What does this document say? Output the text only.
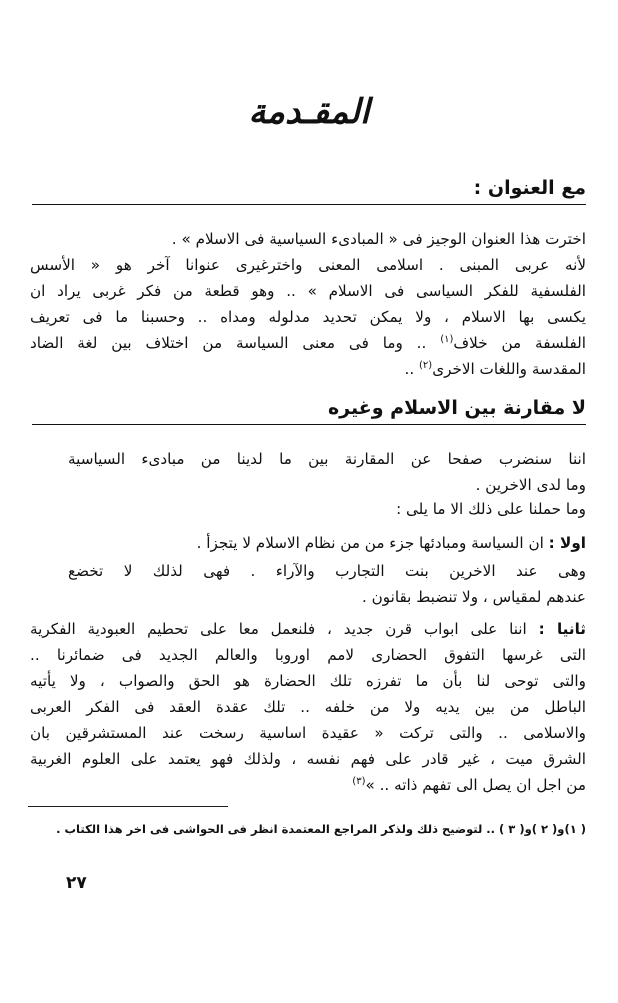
المقـدمة
مع العنوان :
اخترت هذا العنوان الوجيز فى « المبادىء السياسية فى الاسلام » .
لأنه عربى المبنى . اسلامى المعنى واخترغيرى عنوانا آخر هو « الأسس
الفلسفية للفكر السياسى فى الاسلام » .. وهو قطعة من فكر غربى يراد ان
يكسى بها الاسلام ، ولا يمكن تحديد مدلوله ومداه .. وحسبنا ما فى تعريف
الفلسفة من خلاف$^{(١)}$ .. وما فى معنى السياسة من اختلاف بين لغة الضاد
المقدسة واللغات الاخرى$^{(٢)}$ ..
لا مقارنة بين الاسلام وغيره
اننا سنضرب صفحا عن المقارنة بين ما لدينا من مبادىء السياسية
وما لدى الاخرين .
وما حملنا على ذلك الا ما يلى :
اولا : ان السياسة ومبادئها جزء من من نظام الاسلام لا يتجزأ .
وهى عند الاخرين بنت التجارب والآراء . فهى لذلك لا تخضع
عندهم لمقياس ، ولا تنضبط بقانون .
ثانيا : اننا على ابواب قرن جديد ، فلنعمل معا على تحطيم العبودية الفكرية
التى غرسها التفوق الحضارى لامم اوروبا والعالم الجديد فى ضمائرنا ..
والتى توحى لنا بأن ما تفرزه تلك الحضارة هو الحق والصواب ، ولا يأتيه
الباطل من بين يديه ولا من خلفه .. تلك عقدة العقد فى الفكر العربى
والاسلامى .. والتى تركت « عقيدة اساسية رسخت عند المستشرقين بان
الشرق ميت ، غير قادر على فهم نفسه ، ولذلك فهو يعتمد على العلوم الغربية
من اجل ان يصل الى تفهم ذاته .. »$^{(٣)}$
( ١)و( ٢ )و( ٣ ) .. لتوضيح ذلك ولذكر المراجع المعتمدة انظر فى الحواشى فى اخر هذا الكتاب .
٢٧
